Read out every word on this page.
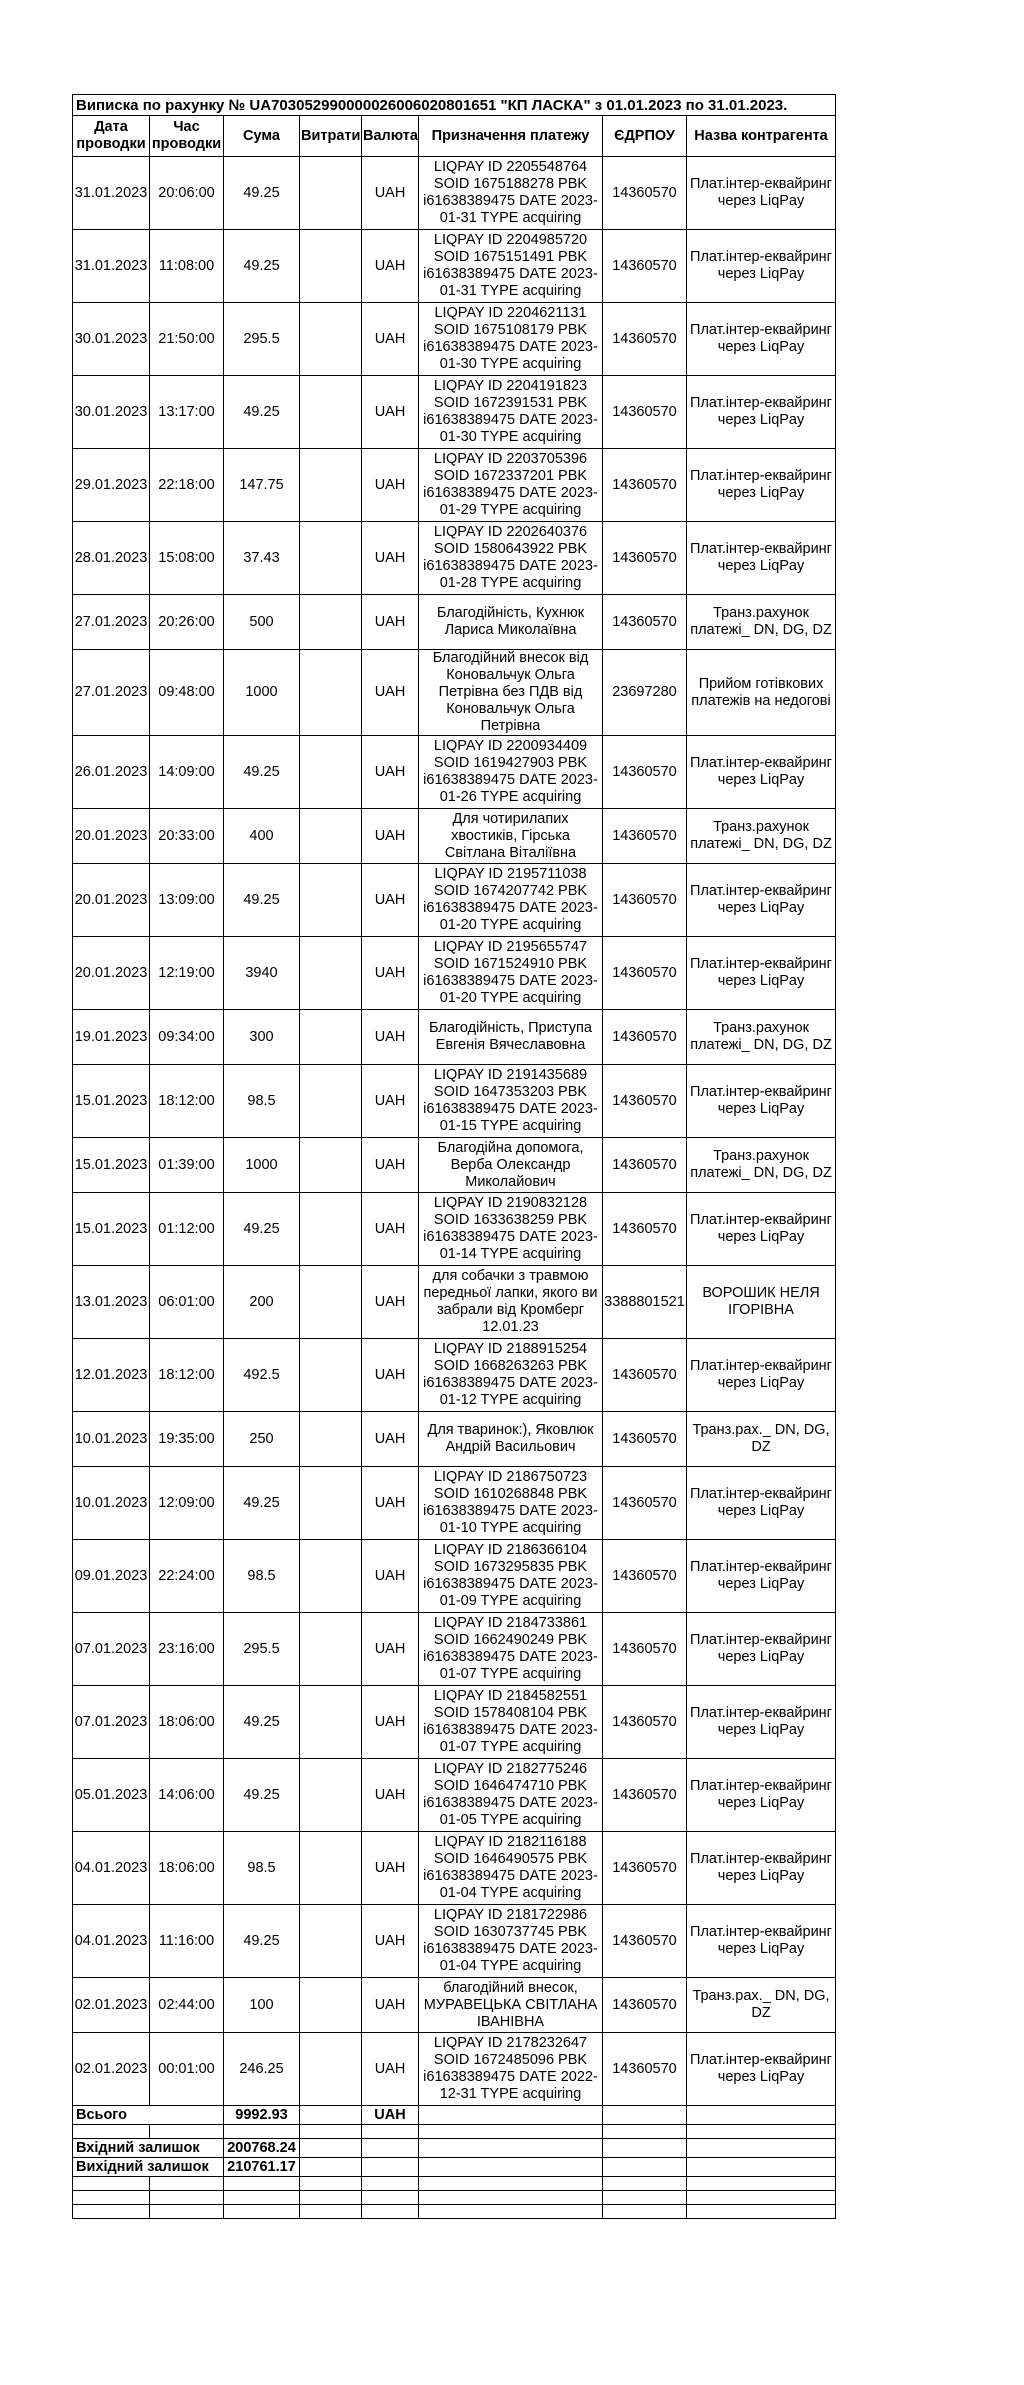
Виписка по рахунку № UA703052990000026006020801651 "КП ЛАСКА" з 01.01.2023 по 31.01.2023.							
Дата проводки	Час проводки	Сума	Витрати	Валюта	Призначення платежу	ЄДРПОУ	Назва контрагента
31.01.2023	20:06:00	49.25		UAH	LIQPAY ID 2205548764 SOID 1675188278 PBK i61638389475 DATE 2023-01-31 TYPE acquiring	14360570	Плат.інтер-еквайринг через LiqPay
31.01.2023	11:08:00	49.25		UAH	LIQPAY ID 2204985720 SOID 1675151491 PBK i61638389475 DATE 2023-01-31 TYPE acquiring	14360570	Плат.інтер-еквайринг через LiqPay
30.01.2023	21:50:00	295.5		UAH	LIQPAY ID 2204621131 SOID 1675108179 PBK i61638389475 DATE 2023-01-30 TYPE acquiring	14360570	Плат.інтер-еквайринг через LiqPay
30.01.2023	13:17:00	49.25		UAH	LIQPAY ID 2204191823 SOID 1672391531 PBK i61638389475 DATE 2023-01-30 TYPE acquiring	14360570	Плат.інтер-еквайринг через LiqPay
29.01.2023	22:18:00	147.75		UAH	LIQPAY ID 2203705396 SOID 1672337201 PBK i61638389475 DATE 2023-01-29 TYPE acquiring	14360570	Плат.інтер-еквайринг через LiqPay
28.01.2023	15:08:00	37.43		UAH	LIQPAY ID 2202640376 SOID 1580643922 PBK i61638389475 DATE 2023-01-28 TYPE acquiring	14360570	Плат.інтер-еквайринг через LiqPay
27.01.2023	20:26:00	500		UAH	Благодійність, Кухнюк Лариса Миколаївна	14360570	Транз.рахунок платежі_ DN, DG, DZ
27.01.2023	09:48:00	1000		UAH	Благодійний внесок від Коновальчук Ольга Петрівна без ПДВ від Коновальчук Ольга Петрівна	23697280	Прийом готівкових платежів на недогові
26.01.2023	14:09:00	49.25		UAH	LIQPAY ID 2200934409 SOID 1619427903 PBK i61638389475 DATE 2023-01-26 TYPE acquiring	14360570	Плат.інтер-еквайринг через LiqPay
20.01.2023	20:33:00	400		UAH	Для чотирилапих хвостиків, Гірська Світлана Віталіївна	14360570	Транз.рахунок платежі_ DN, DG, DZ
20.01.2023	13:09:00	49.25		UAH	LIQPAY ID 2195711038 SOID 1674207742 PBK i61638389475 DATE 2023-01-20 TYPE acquiring	14360570	Плат.інтер-еквайринг через LiqPay
20.01.2023	12:19:00	3940		UAH	LIQPAY ID 2195655747 SOID 1671524910 PBK i61638389475 DATE 2023-01-20 TYPE acquiring	14360570	Плат.інтер-еквайринг через LiqPay
19.01.2023	09:34:00	300		UAH	Благодійність, Приступа Евгенія Вячеславовна	14360570	Транз.рахунок платежі_ DN, DG, DZ
15.01.2023	18:12:00	98.5		UAH	LIQPAY ID 2191435689 SOID 1647353203 PBK i61638389475 DATE 2023-01-15 TYPE acquiring	14360570	Плат.інтер-еквайринг через LiqPay
15.01.2023	01:39:00	1000		UAH	Благодійна допомога, Верба Олександр Миколайович	14360570	Транз.рахунок платежі_ DN, DG, DZ
15.01.2023	01:12:00	49.25		UAH	LIQPAY ID 2190832128 SOID 1633638259 PBK i61638389475 DATE 2023-01-14 TYPE acquiring	14360570	Плат.інтер-еквайринг через LiqPay
13.01.2023	06:01:00	200		UAH	для собачки з травмою передньої лапки, якого ви забрали від Кромберг 12.01.23	3388801521	ВОРОШИК НЕЛЯ ІГОРІВНА
12.01.2023	18:12:00	492.5		UAH	LIQPAY ID 2188915254 SOID 1668263263 PBK i61638389475 DATE 2023-01-12 TYPE acquiring	14360570	Плат.інтер-еквайринг через LiqPay
10.01.2023	19:35:00	250		UAH	Для тваринок:), Яковлюк Андрій Васильович	14360570	Транз.рах._ DN, DG, DZ
10.01.2023	12:09:00	49.25		UAH	LIQPAY ID 2186750723 SOID 1610268848 PBK i61638389475 DATE 2023-01-10 TYPE acquiring	14360570	Плат.інтер-еквайринг через LiqPay
09.01.2023	22:24:00	98.5		UAH	LIQPAY ID 2186366104 SOID 1673295835 PBK i61638389475 DATE 2023-01-09 TYPE acquiring	14360570	Плат.інтер-еквайринг через LiqPay
07.01.2023	23:16:00	295.5		UAH	LIQPAY ID 2184733861 SOID 1662490249 PBK i61638389475 DATE 2023-01-07 TYPE acquiring	14360570	Плат.інтер-еквайринг через LiqPay
07.01.2023	18:06:00	49.25		UAH	LIQPAY ID 2184582551 SOID 1578408104 PBK i61638389475 DATE 2023-01-07 TYPE acquiring	14360570	Плат.інтер-еквайринг через LiqPay
05.01.2023	14:06:00	49.25		UAH	LIQPAY ID 2182775246 SOID 1646474710 PBK i61638389475 DATE 2023-01-05 TYPE acquiring	14360570	Плат.інтер-еквайринг через LiqPay
04.01.2023	18:06:00	98.5		UAH	LIQPAY ID 2182116188 SOID 1646490575 PBK i61638389475 DATE 2023-01-04 TYPE acquiring	14360570	Плат.інтер-еквайринг через LiqPay
04.01.2023	11:16:00	49.25		UAH	LIQPAY ID 2181722986 SOID 1630737745 PBK i61638389475 DATE 2023-01-04 TYPE acquiring	14360570	Плат.інтер-еквайринг через LiqPay
02.01.2023	02:44:00	100		UAH	благодійний внесок, МУРАВЕЦЬКА СВІТЛАНА ІВАНІВНА	14360570	Транз.рах._ DN, DG, DZ
02.01.2023	00:01:00	246.25		UAH	LIQPAY ID 2178232647 SOID 1672485096 PBK i61638389475 DATE 2022-12-31 TYPE acquiring	14360570	Плат.інтер-еквайринг через LiqPay
Всього		9992.93		UAH			

Вхідний залишок		200768.24					
Вихідний залишок		210761.17					
